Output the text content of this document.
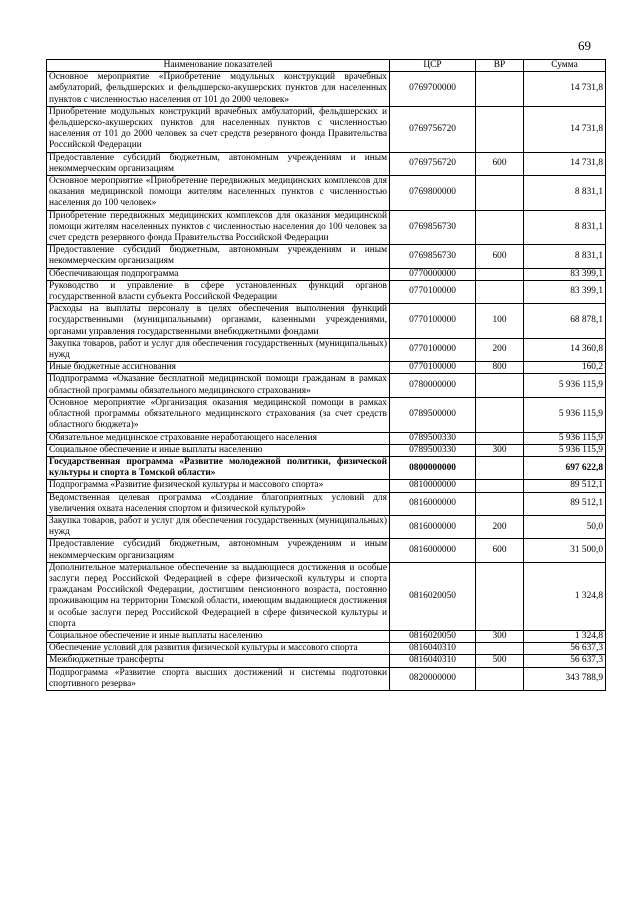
69
Наименование показателей	ЦСР	ВР	Сумма
Основное мероприятие «Приобретение модульных конструкций врачебных амбулаторий, фельдшерских и фельдшерско-акушерских пунктов для населенных пунктов с численностью населения от 101 до 2000 человек»	0769700000		14 731,8
Приобретение модульных конструкций врачебных амбулаторий, фельдшерских и фельдшерско-акушерских пунктов для населенных пунктов с численностью населения от 101 до 2000 человек за счет средств резервного фонда Правительства Российской Федерации	0769756720		14 731,8
Предоставление субсидий бюджетным, автономным учреждениям и иным некоммерческим организациям	0769756720	600	14 731,8
Основное мероприятие «Приобретение передвижных медицинских комплексов для оказания медицинской помощи жителям населенных пунктов с численностью населения до 100 человек»	0769800000		8 831,1
Приобретение передвижных медицинских комплексов для оказания медицинской помощи жителям населенных пунктов с численностью населения до 100 человек за счет средств резервного фонда Правительства Российской Федерации	0769856730		8 831,1
Предоставление субсидий бюджетным, автономным учреждениям и иным некоммерческим организациям	0769856730	600	8 831,1
Обеспечивающая подпрограмма	0770000000		83 399,1
Руководство и управление в сфере установленных функций органов государственной власти субъекта Российской Федерации	0770100000		83 399,1
Расходы на выплаты персоналу в целях обеспечения выполнения функций государственными (муниципальными) органами, казенными учреждениями, органами управления государственными внебюджетными фондами	0770100000	100	68 878,1
Закупка товаров, работ и услуг для обеспечения государственных (муниципальных) нужд	0770100000	200	14 360,8
Иные бюджетные ассигнования	0770100000	800	160,2
Подпрограмма «Оказание бесплатной медицинской помощи гражданам в рамках областной программы обязательного медицинского страхования»	0780000000		5 936 115,9
Основное мероприятие «Организация оказания медицинской помощи в рамках областной программы обязательного медицинского страхования (за счет средств областного бюджета)»	0789500000		5 936 115,9
Обязательное медицинское страхование неработающего населения	0789500330		5 936 115,9
Социальное обеспечение и иные выплаты населению	0789500330	300	5 936 115,9
Государственная программа «Развитие молодежной политики, физической культуры и спорта в Томской области»	0800000000		697 622,8
Подпрограмма «Развитие физической культуры и массового спорта»	0810000000		89 512,1
Ведомственная целевая программа «Создание благоприятных условий для увеличения охвата населения спортом и физической культурой»	0816000000		89 512,1
Закупка товаров, работ и услуг для обеспечения государственных (муниципальных) нужд	0816000000	200	50,0
Предоставление субсидий бюджетным, автономным учреждениям и иным некоммерческим организациям	0816000000	600	31 500,0
Дополнительное материальное обеспечение за выдающиеся достижения и особые заслуги перед Российской Федерацией в сфере физической культуры и спорта гражданам Российской Федерации, достигшим пенсионного возраста, постоянно проживающим на территории Томской области, имеющим выдающиеся достижения и особые заслуги перед Российской Федерацией в сфере физической культуры и спорта	0816020050		1 324,8
Социальное обеспечение и иные выплаты населению	0816020050	300	1 324,8
Обеспечение условий для развития физической культуры и массового спорта	0816040310		56 637,3
Межбюджетные трансферты	0816040310	500	56 637,3
Подпрограмма «Развитие спорта высших достижений и системы подготовки спортивного резерва»	0820000000		343 788,9
